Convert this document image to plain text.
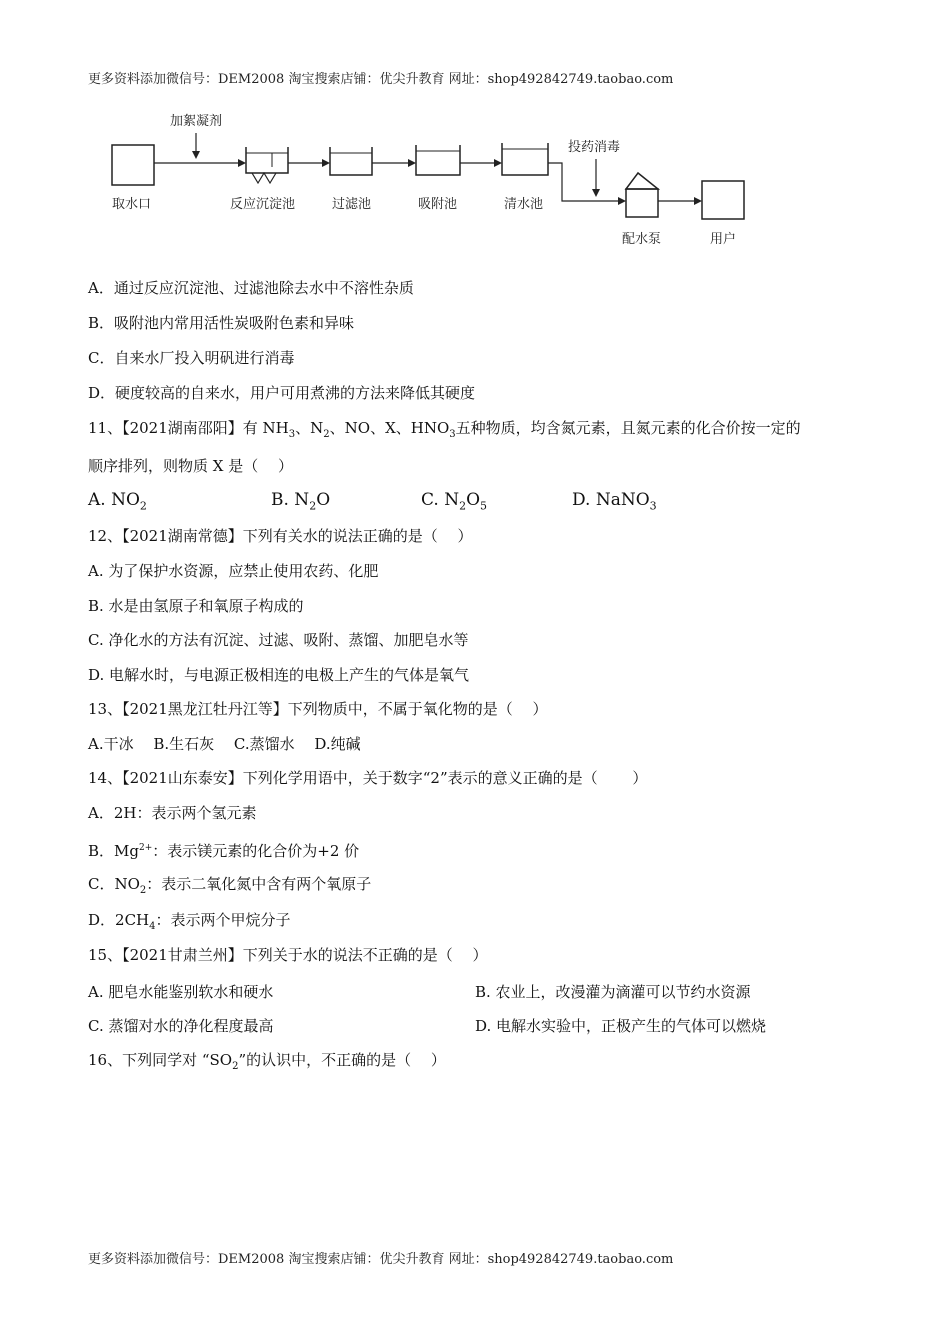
更多资料添加微信号：DEM2008 淘宝搜索店铺：优尖升教育 网址：shop492842749.taobao.com
取水口
加絮凝剂
反应沉淀池	过滤池	吸附池	清水池
投药消毒
配水泵	用户
A．通过反应沉淀池、过滤池除去水中不溶性杂质
B．吸附池内常用活性炭吸附色素和异味
C．自来水厂投入明矾进行消毒
D．硬度较高的自来水，用户可用煮沸的方法来降低其硬度
11、【2021湖南邵阳】有 $NH_3$、$N_2$、NO、X、$HNO_3$五种物质，均含氮元素，且氮元素的化合价按一定的
顺序排列，则物质 X 是（　 ）
A. $NO_2$	B. $N_2O$	C. $N_2O_5$	D. NaNO$_3$
12、【2021湖南常德】下列有关水的说法正确的是（　 ）
A. 为了保护水资源，应禁止使用农药、化肥
B. 水是由氢原子和氧原子构成的
C. 净化水的方法有沉淀、过滤、吸附、蒸馏、加肥皂水等
D. 电解水时，与电源正极相连的电极上产生的气体是氧气
13、【2021黑龙江牡丹江等】下列物质中，不属于氧化物的是（　 ）
A.干冰　 B.生石灰　 C.蒸馏水　 D.纯碱
14、【2021山东泰安】下列化学用语中，关于数字“2”表示的意义正确的是（　　 ）
A．2H：表示两个氢元素
B．$Mg^{2+}$：表示镁元素的化合价为+2 价
C．$NO_2$：表示二氧化氮中含有两个氧原子
D．$2CH_4$：表示两个甲烷分子
15、【2021甘肃兰州】下列关于水的说法不正确的是（　 ）
A. 肥皂水能鉴别软水和硬水	B. 农业上，改漫灌为滴灌可以节约水资源
C. 蒸馏对水的净化程度最高	D. 电解水实验中，正极产生的气体可以燃烧
16、下列同学对 “$SO_2$”的认识中，不正确的是（　 ）
更多资料添加微信号：DEM2008 淘宝搜索店铺：优尖升教育 网址：shop492842749.taobao.com
